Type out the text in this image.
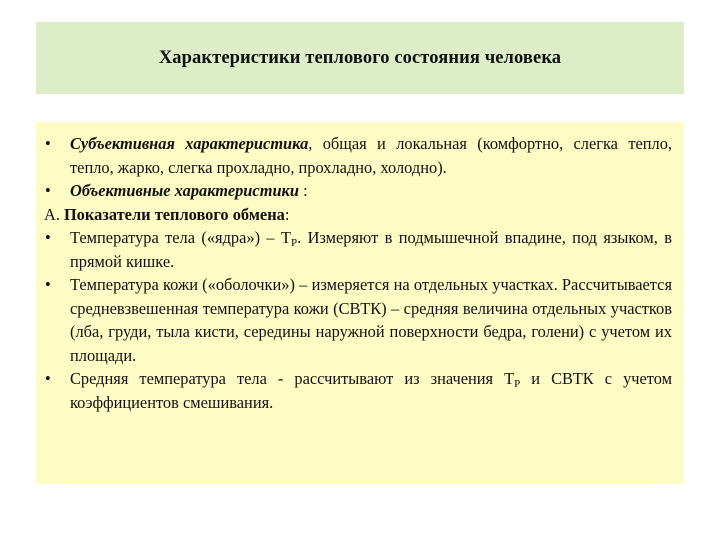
Характеристики теплового состояния человека
•	Субъективная характеристика, общая и локальная (комфортно, слегка тепло, тепло, жарко, слегка прохладно, прохладно, холодно).
•	Объективные характеристики :
A. Показатели теплового обмена:
•	Температура тела («ядра») – $T_P$. Измеряют в подмышечной впадине, под языком, в прямой кишке.
•	Температура кожи («оболочки») – измеряется на отдельных участках. Рассчитывается средневзвешенная температура кожи (СВТК) – средняя величина отдельных участков (лба, груди, тыла кисти, середины наружной поверхности бедра, голени) с учетом их площади.
•	Средняя температура тела - рассчитывают из значения $T_P$ и СВТК с учетом коэффициентов смешивания.
